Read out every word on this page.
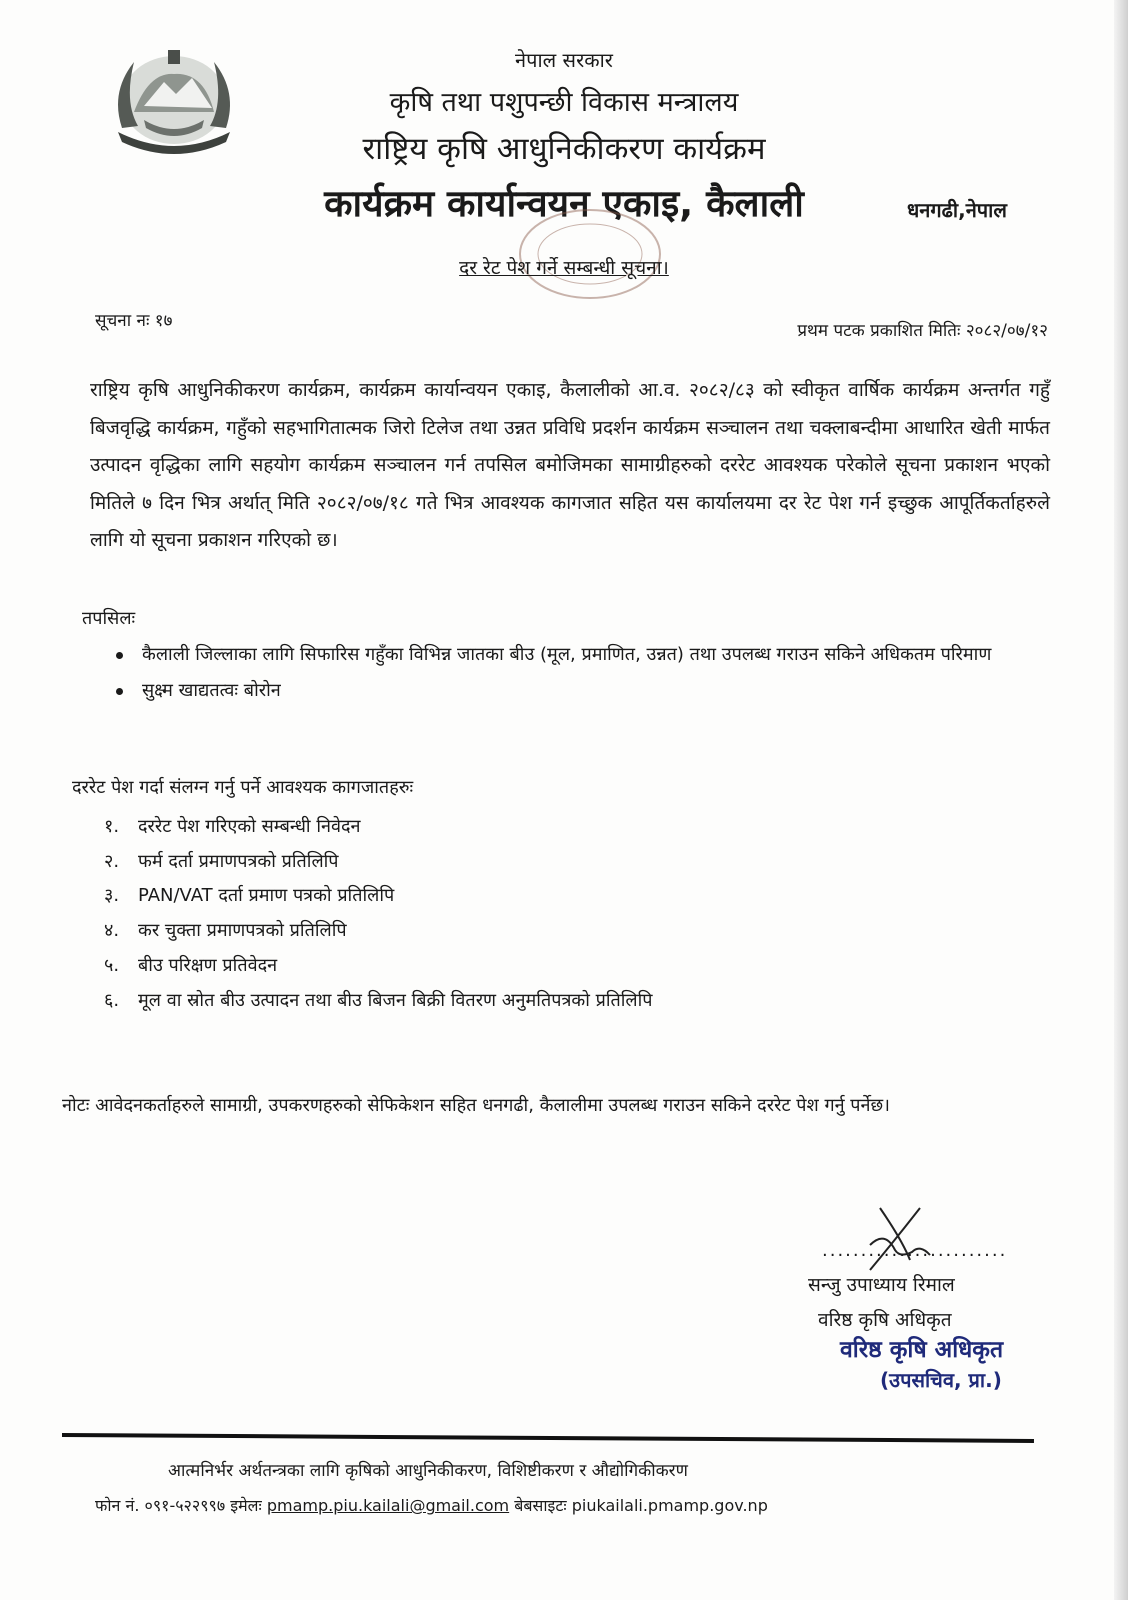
नेपाल सरकार
कृषि तथा पशुपन्छी विकास मन्त्रालय
राष्ट्रिय कृषि आधुनिकीकरण कार्यक्रम
कार्यक्रम कार्यान्वयन एकाइ, कैलाली	धनगढी,नेपाल
दर रेट पेश गर्ने सम्बन्धी सूचना।
सूचना नः १७	प्रथम पटक प्रकाशित मितिः २०८२/०७/१२
राष्ट्रिय कृषि आधुनिकीकरण कार्यक्रम, कार्यक्रम कार्यान्वयन एकाइ, कैलालीको आ.व. २०८२/८३ को स्वीकृत वार्षिक कार्यक्रम अन्तर्गत गहुँ बिजवृद्धि कार्यक्रम, गहुँको सहभागितात्मक जिरो टिलेज तथा उन्नत प्रविधि प्रदर्शन कार्यक्रम सञ्चालन तथा चक्लाबन्दीमा आधारित खेती मार्फत उत्पादन वृद्धिका लागि सहयोग कार्यक्रम सञ्चालन गर्न तपसिल बमोजिमका सामाग्रीहरुको दररेट आवश्यक परेकोले सूचना प्रकाशन भएको मितिले ७ दिन भित्र अर्थात् मिति २०८२/०७/१८ गते भित्र आवश्यक कागजात सहित यस कार्यालयमा दर रेट पेश गर्न इच्छुक आपूर्तिकर्ताहरुले लागि यो सूचना प्रकाशन गरिएको छ।
तपसिलः
कैलाली जिल्लाका लागि सिफारिस गहुँका विभिन्न जातका बीउ (मूल, प्रमाणित, उन्नत) तथा उपलब्ध गराउन सकिने अधिकतम परिमाण
सुक्ष्म खाद्यतत्वः बोरोन
दररेट पेश गर्दा संलग्न गर्नु पर्ने आवश्यक कागजातहरुः
१. दररेट पेश गरिएको सम्बन्धी निवेदन
२. फर्म दर्ता प्रमाणपत्रको प्रतिलिपि
३. PAN/VAT दर्ता प्रमाण पत्रको प्रतिलिपि
४. कर चुक्ता प्रमाणपत्रको प्रतिलिपि
५. बीउ परिक्षण प्रतिवेदन
६. मूल वा स्रोत बीउ उत्पादन तथा बीउ बिजन बिक्री वितरण अनुमतिपत्रको प्रतिलिपि
नोटः आवेदनकर्ताहरुले सामाग्री, उपकरणहरुको सेफिकेशन सहित धनगढी, कैलालीमा उपलब्ध गराउन सकिने दररेट पेश गर्नु पर्नेछ।
........................
सन्जु उपाध्याय रिमाल
वरिष्ठ कृषि अधिकृत
वरिष्ठ कृषि अधिकृत
(उपसचिव, प्रा.)
आत्मनिर्भर अर्थतन्त्रका लागि कृषिको आधुनिकीकरण, विशिष्टीकरण र औद्योगिकीकरण
फोन नं. ०९१-५२२९९७ इमेलः pmamp.piu.kailali@gmail.com बेबसाइटः piukailali.pmamp.gov.np
